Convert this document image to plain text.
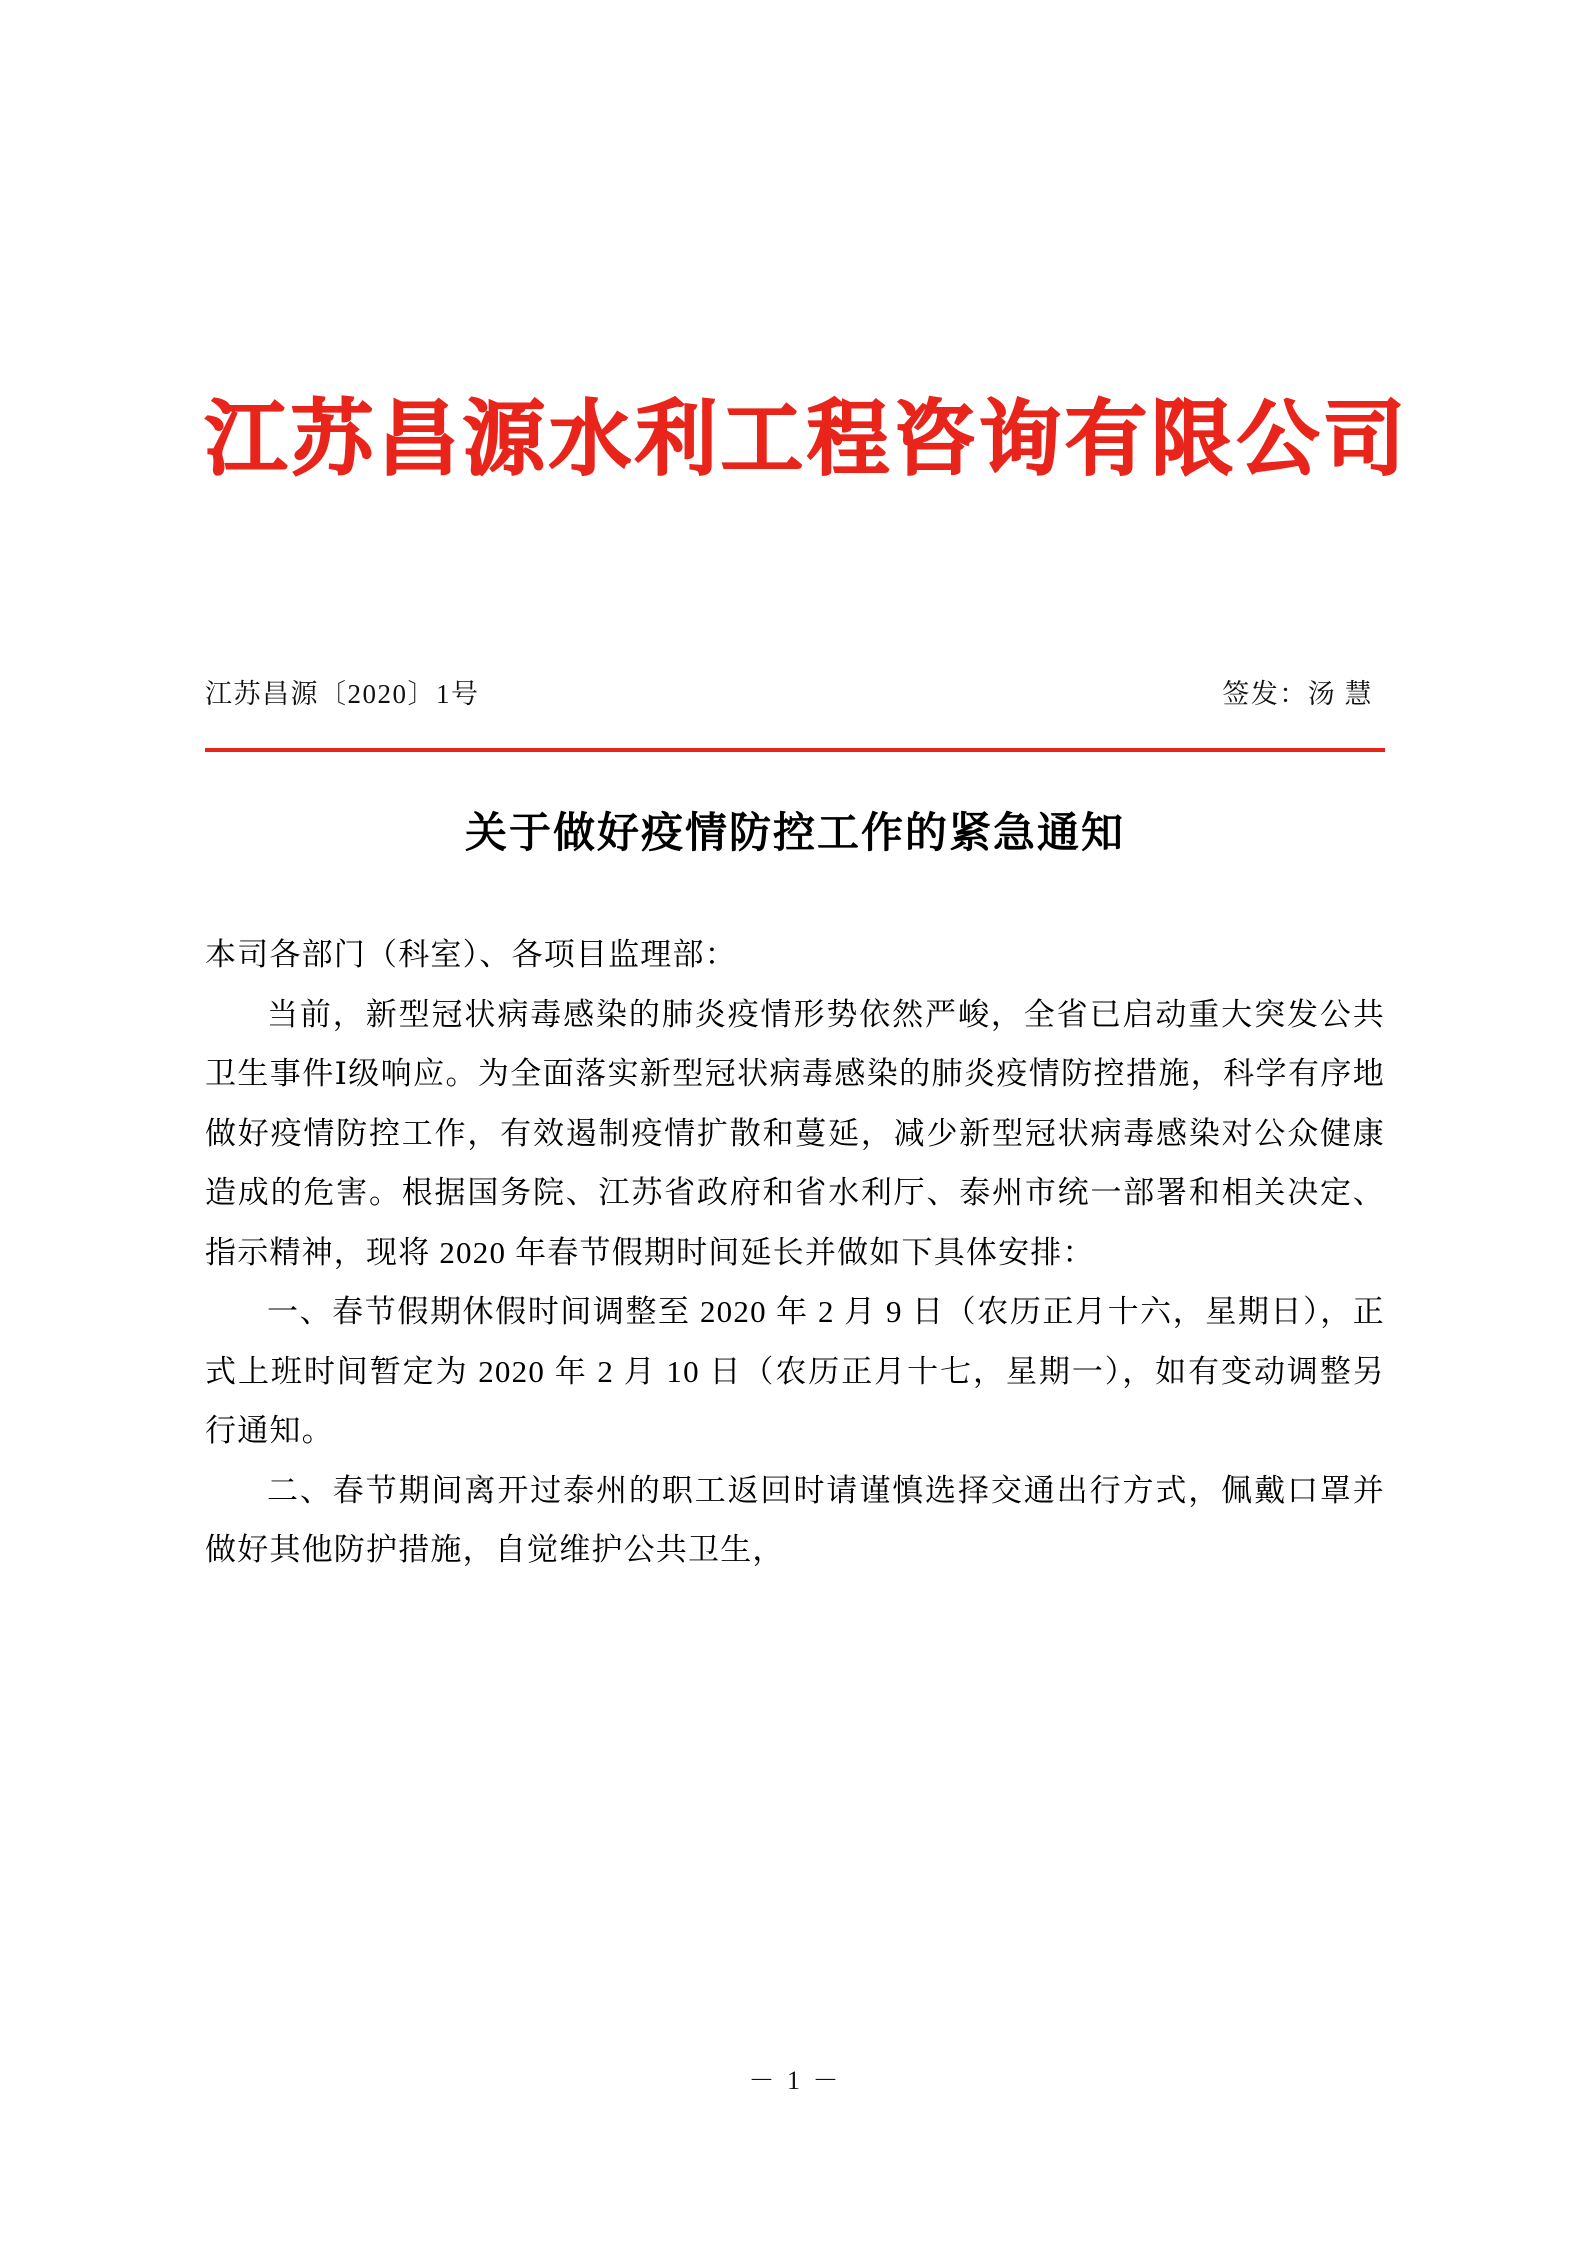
江苏昌源水利工程咨询有限公司
江苏昌源〔2020〕1号	签发：汤 慧
关于做好疫情防控工作的紧急通知

本司各部门（科室）、各项目监理部：

当前，新型冠状病毒感染的肺炎疫情形势依然严峻，全省已启动重大突发公共卫生事件Ⅰ级响应。为全面落实新型冠状病毒感染的肺炎疫情防控措施，科学有序地做好疫情防控工作，有效遏制疫情扩散和蔓延，减少新型冠状病毒感染对公众健康造成的危害。根据国务院、江苏省政府和省水利厅、泰州市统一部署和相关决定、指示精神，现将 2020 年春节假期时间延长并做如下具体安排：

一、春节假期休假时间调整至 2020 年 2 月 9 日（农历正月十六，星期日），正式上班时间暂定为 2020 年 2 月 10 日（农历正月十七，星期一），如有变动调整另行通知。

二、春节期间离开过泰州的职工返回时请谨慎选择交通出行方式，佩戴口罩并做好其他防护措施，自觉维护公共卫生，

－ 1 －
